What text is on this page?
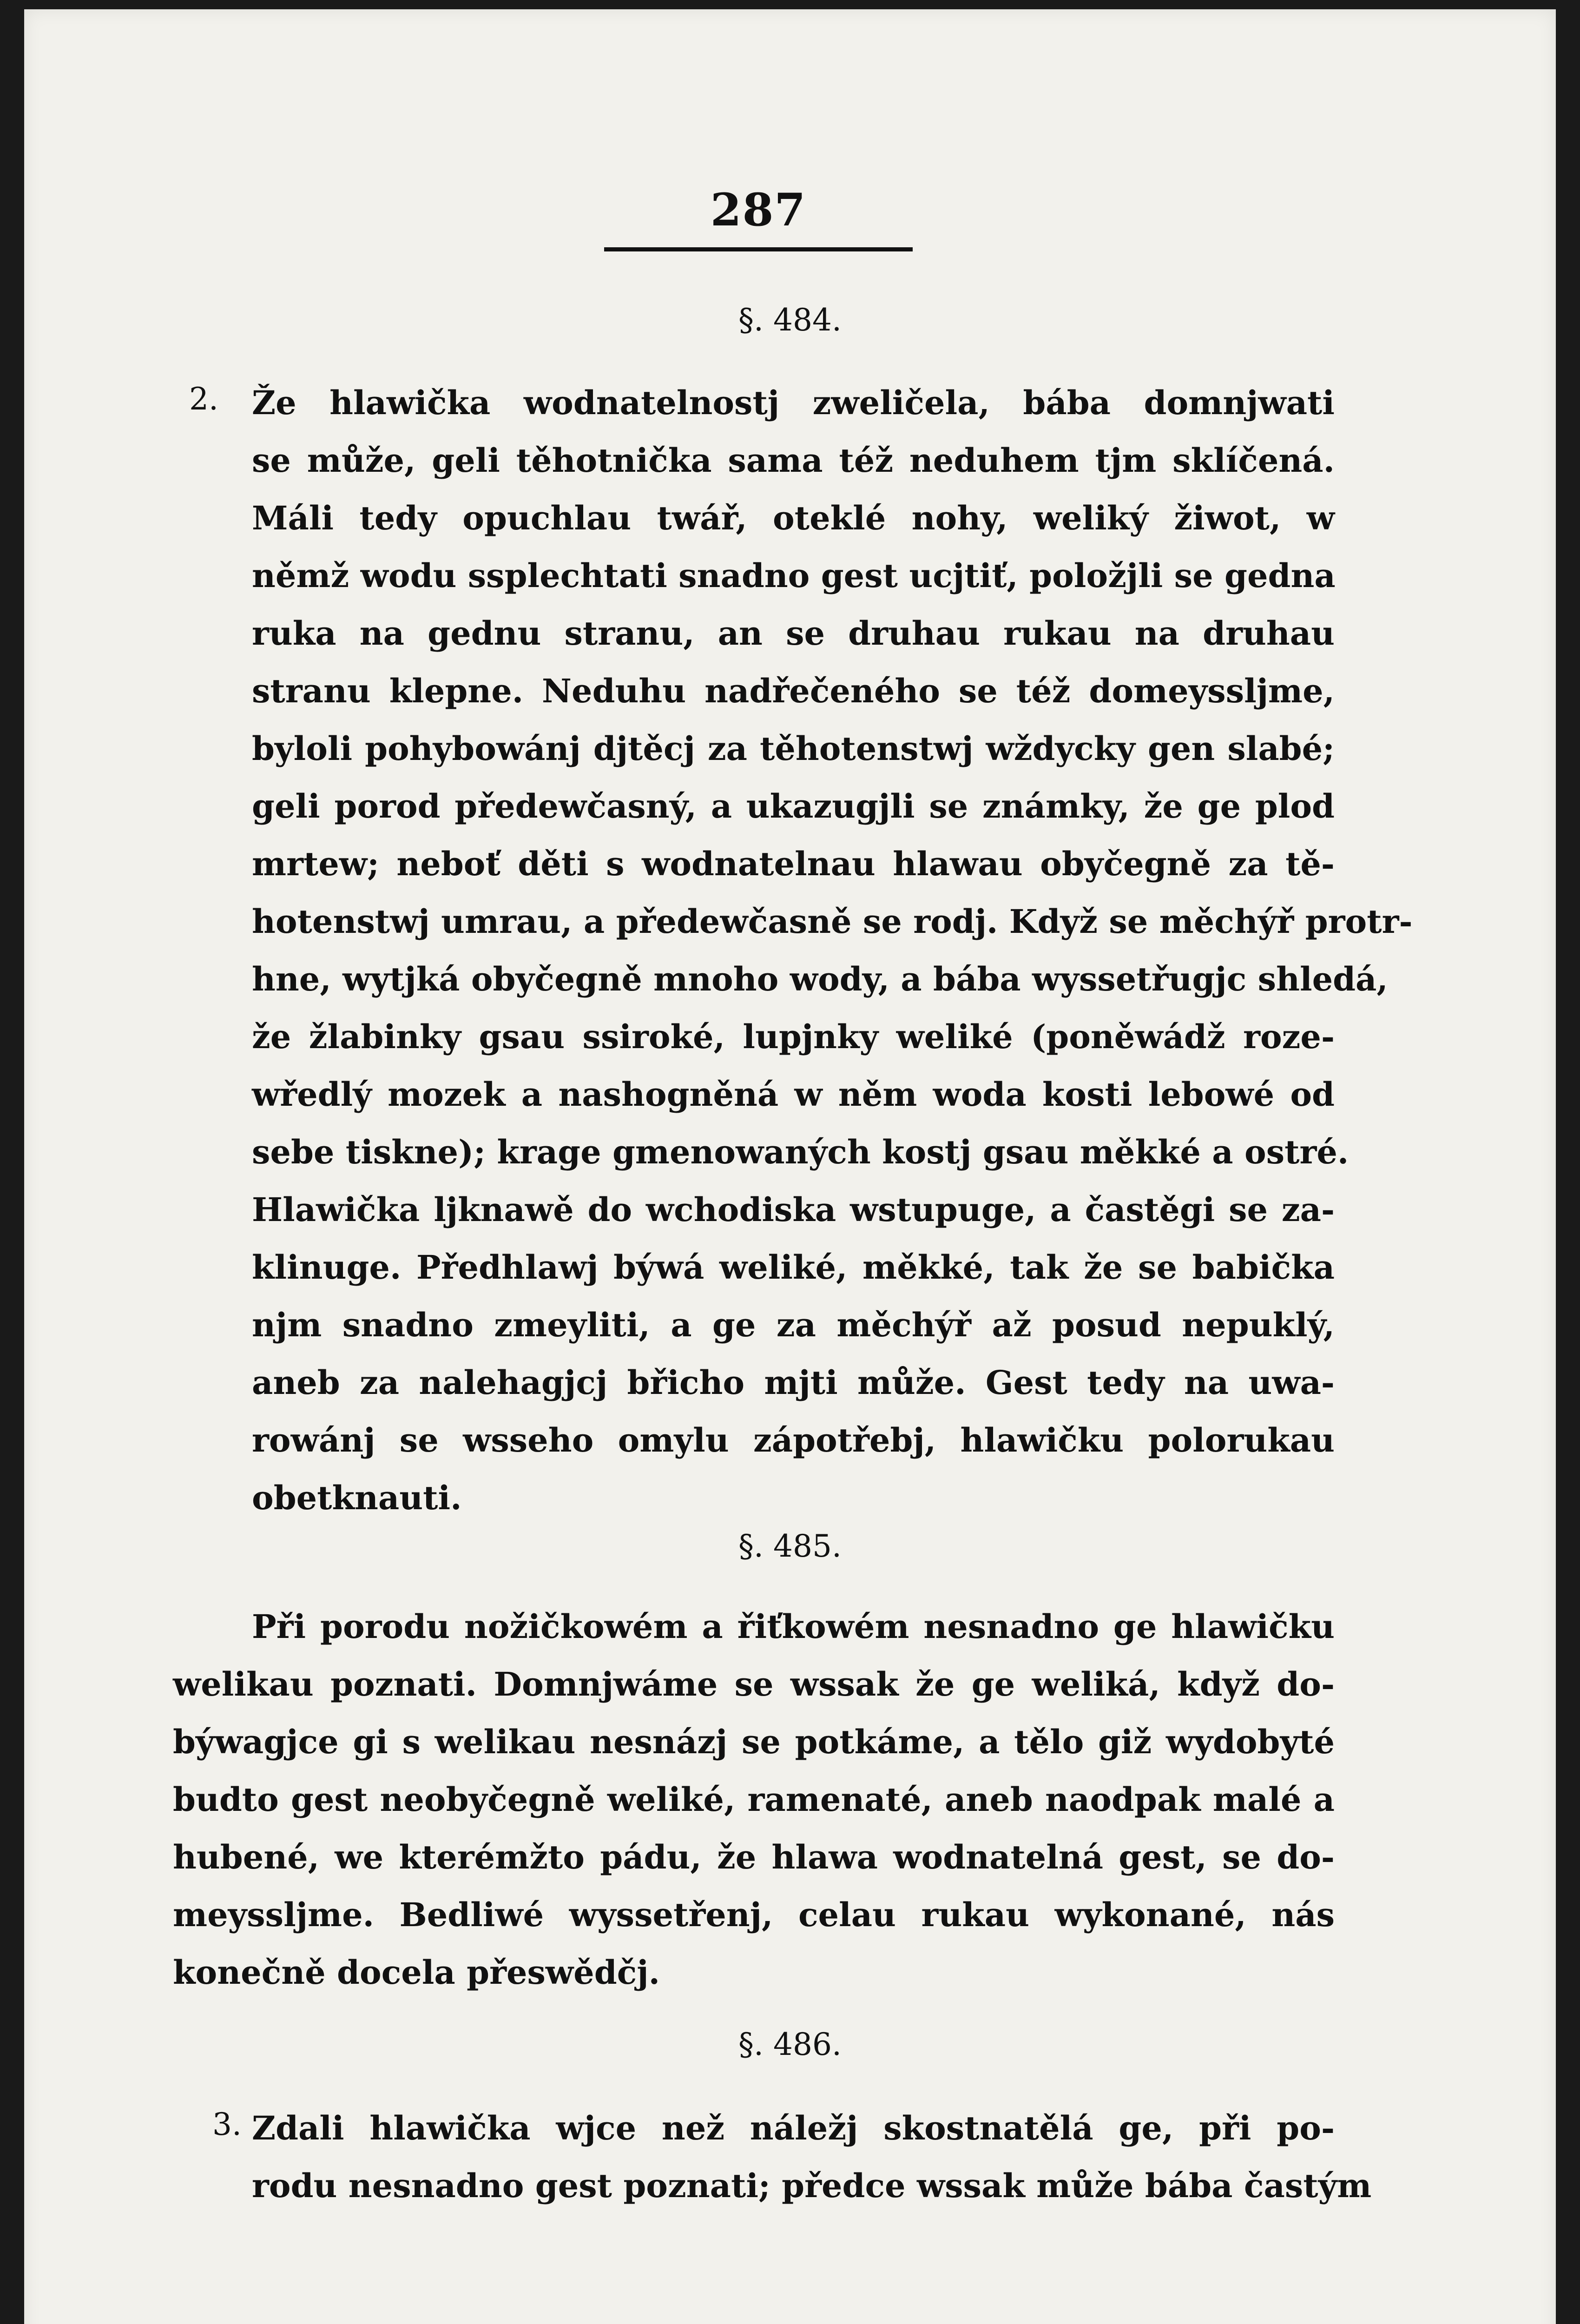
287
§. 484.
2. Že hlawička wodnatelnostj zweličela, bába domnjwati
se může, geli těhotnička sama též neduhem tjm sklíčená.
Máli tedy opuchlau twář, oteklé nohy, weliký žiwot, w
němž wodu ssplechtati snadno gest ucjtiť, položjli se gedna
ruka na gednu stranu, an se druhau rukau na druhau
stranu klepne. Neduhu nadřečeného se též domeyssljme,
byloli pohybowánj djtěcj za těhotenstwj wždycky gen slabé;
geli porod předewčasný, a ukazugjli se známky, že ge plod
mrtew; neboť děti s wodnatelnau hlawau obyčegně za tě-
hotenstwj umrau, a předewčasně se rodj. Když se měchýř protr-
hne, wytjká obyčegně mnoho wody, a bába wyssetřugjc shledá,
že žlabinky gsau ssiroké, lupjnky weliké (poněwádž roze-
wředlý mozek a nashogněná w něm woda kosti lebowé od
sebe tiskne); krage gmenowaných kostj gsau měkké a ostré.
Hlawička ljknawě do wchodiska wstupuge, a častěgi se za-
klinuge. Předhlawj býwá weliké, měkké, tak že se babička
njm snadno zmeyliti, a ge za měchýř až posud nepuklý,
aneb za nalehagjcj břicho mjti může. Gest tedy na uwa-
rowánj se wsseho omylu zápotřebj, hlawičku polorukau
obetknauti.
§. 485.
Při porodu nožičkowém a řiťkowém nesnadno ge hlawičku
welikau poznati. Domnjwáme se wssak že ge weliká, když do-
býwagjce gi s welikau nesnázj se potkáme, a tělo giž wydobyté
budto gest neobyčegně weliké, ramenaté, aneb naodpak malé a
hubené, we kterémžto pádu, že hlawa wodnatelná gest, se do-
meyssljme. Bedliwé wyssetřenj, celau rukau wykonané, nás
konečně docela přeswědčj.
§. 486.
3. Zdali hlawička wjce než náležj skostnatělá ge, při po-
rodu nesnadno gest poznati; předce wssak může bába častým
